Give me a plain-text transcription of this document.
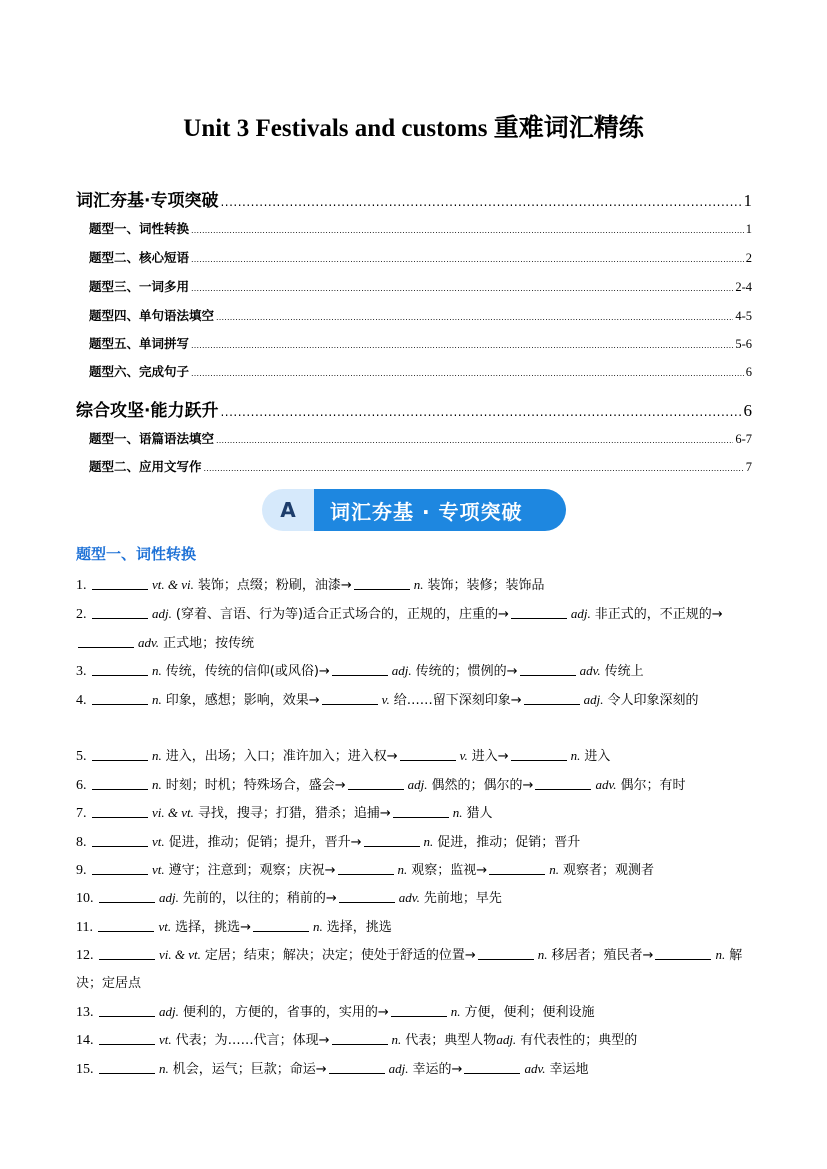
Unit 3 Festivals and customs 重难词汇精练
词汇夯基·专项突破 .....	1
题型一、词性转换 .....	1
题型二、核心短语 .....	2
题型三、一词多用 .....	2-4
题型四、单句语法填空 .....	4-5
题型五、单词拼写 .....	5-6
题型六、完成句子 .....	6
综合攻坚·能力跃升 .....	6
题型一、语篇语法填空 .....	6-7
题型二、应用文写作 .....	7
A	词汇夯基 · 专项突破
题型一、词性转换
1.	vt. & vi. 装饰；点缀；粉刷，油漆→	n. 装饰；装修；装饰品
2.	adj. (穿着、言语、行为等)适合正式场合的，正规的，庄重的→	adj. 非正式的，不正规的→adv. 正式地；按传统
3.	n. 传统，传统的信仰(或风俗)→	adj. 传统的；惯例的→	adv. 传统上
4.	n. 印象，感想；影响，效果→	v. 给……留下深刻印象→	adj. 令人印象深刻的
5.	n. 进入，出场；入口；准许加入；进入权→	v. 进入→	n. 进入
6.	n. 时刻；时机；特殊场合，盛会→	adj. 偶然的；偶尔的→	adv. 偶尔；有时
7.	vi. & vt. 寻找，搜寻；打猎，猎杀；追捕→	n. 猎人
8.	vt. 促进，推动；促销；提升，晋升→	n. 促进，推动；促销；晋升
9.	vt. 遵守；注意到；观察；庆祝→	n. 观察；监视→	n. 观察者；观测者
10.	adj. 先前的，以往的；稍前的→	adv. 先前地；早先
11.	vt. 选择，挑选→	n. 选择，挑选
12.	vi. & vt. 定居；结束；解决；决定；使处于舒适的位置→	n. 移居者；殖民者→	n. 解决；定居点
13.	adj. 便利的，方便的，省事的，实用的→	n. 方便，便利；便利设施
14.	vt. 代表；为……代言；体现→	n. 代表；典型人物adj. 有代表性的；典型的
15.	n. 机会，运气；巨款；命运→	adj. 幸运的→	adv. 幸运地
